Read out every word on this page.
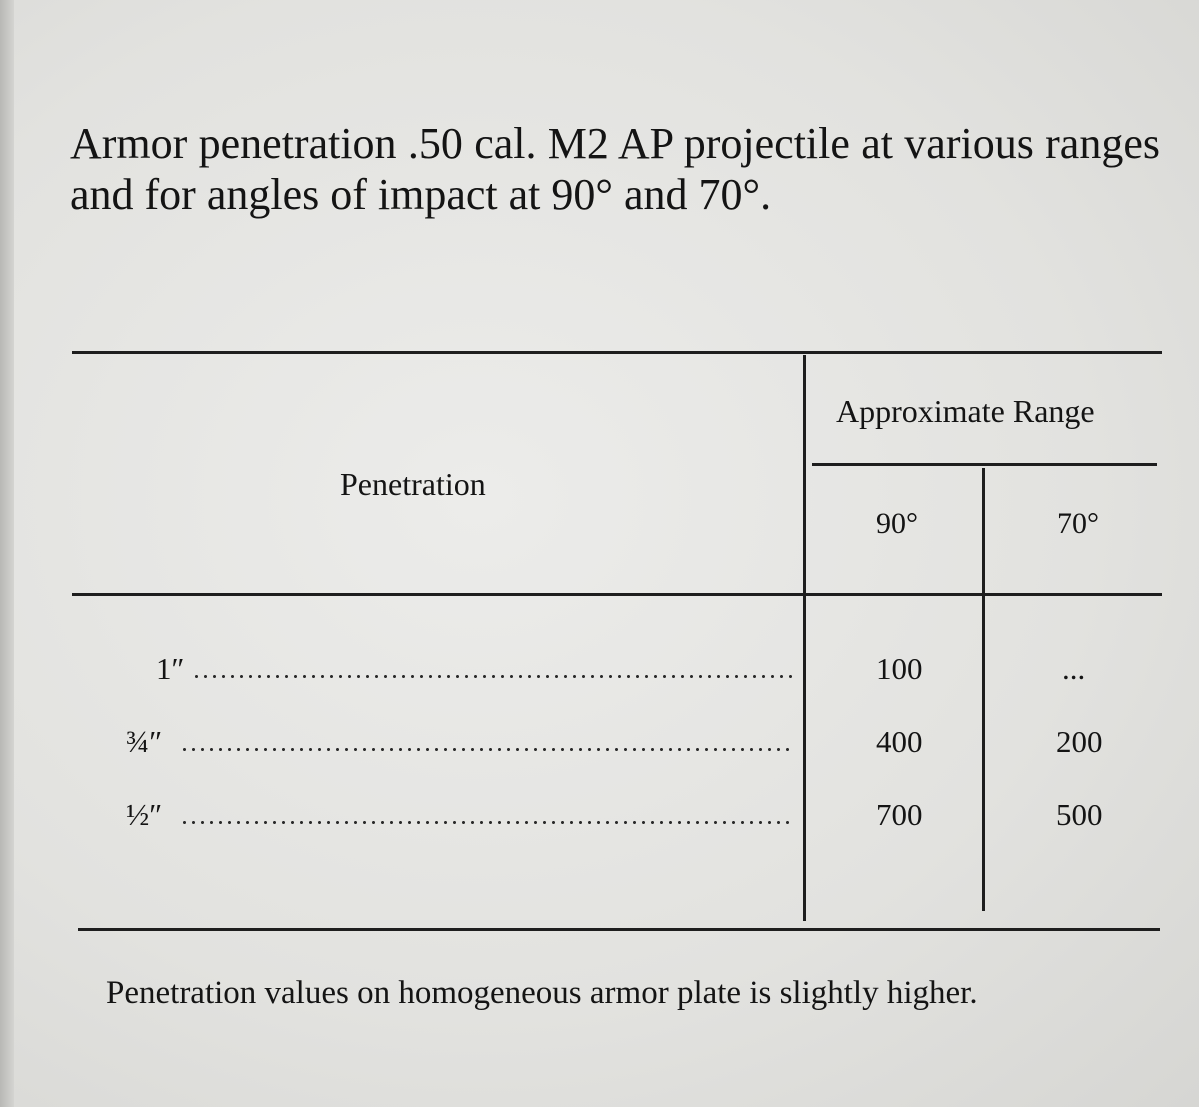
Armor penetration .50 cal. M2 AP projectile at various ranges and for angles of impact at 90° and 70°.
Penetration
Approximate Range
90°	70°
1″	100	...
¾″	400	200
½″	700	500
Penetration values on homogeneous armor plate is slightly higher.
